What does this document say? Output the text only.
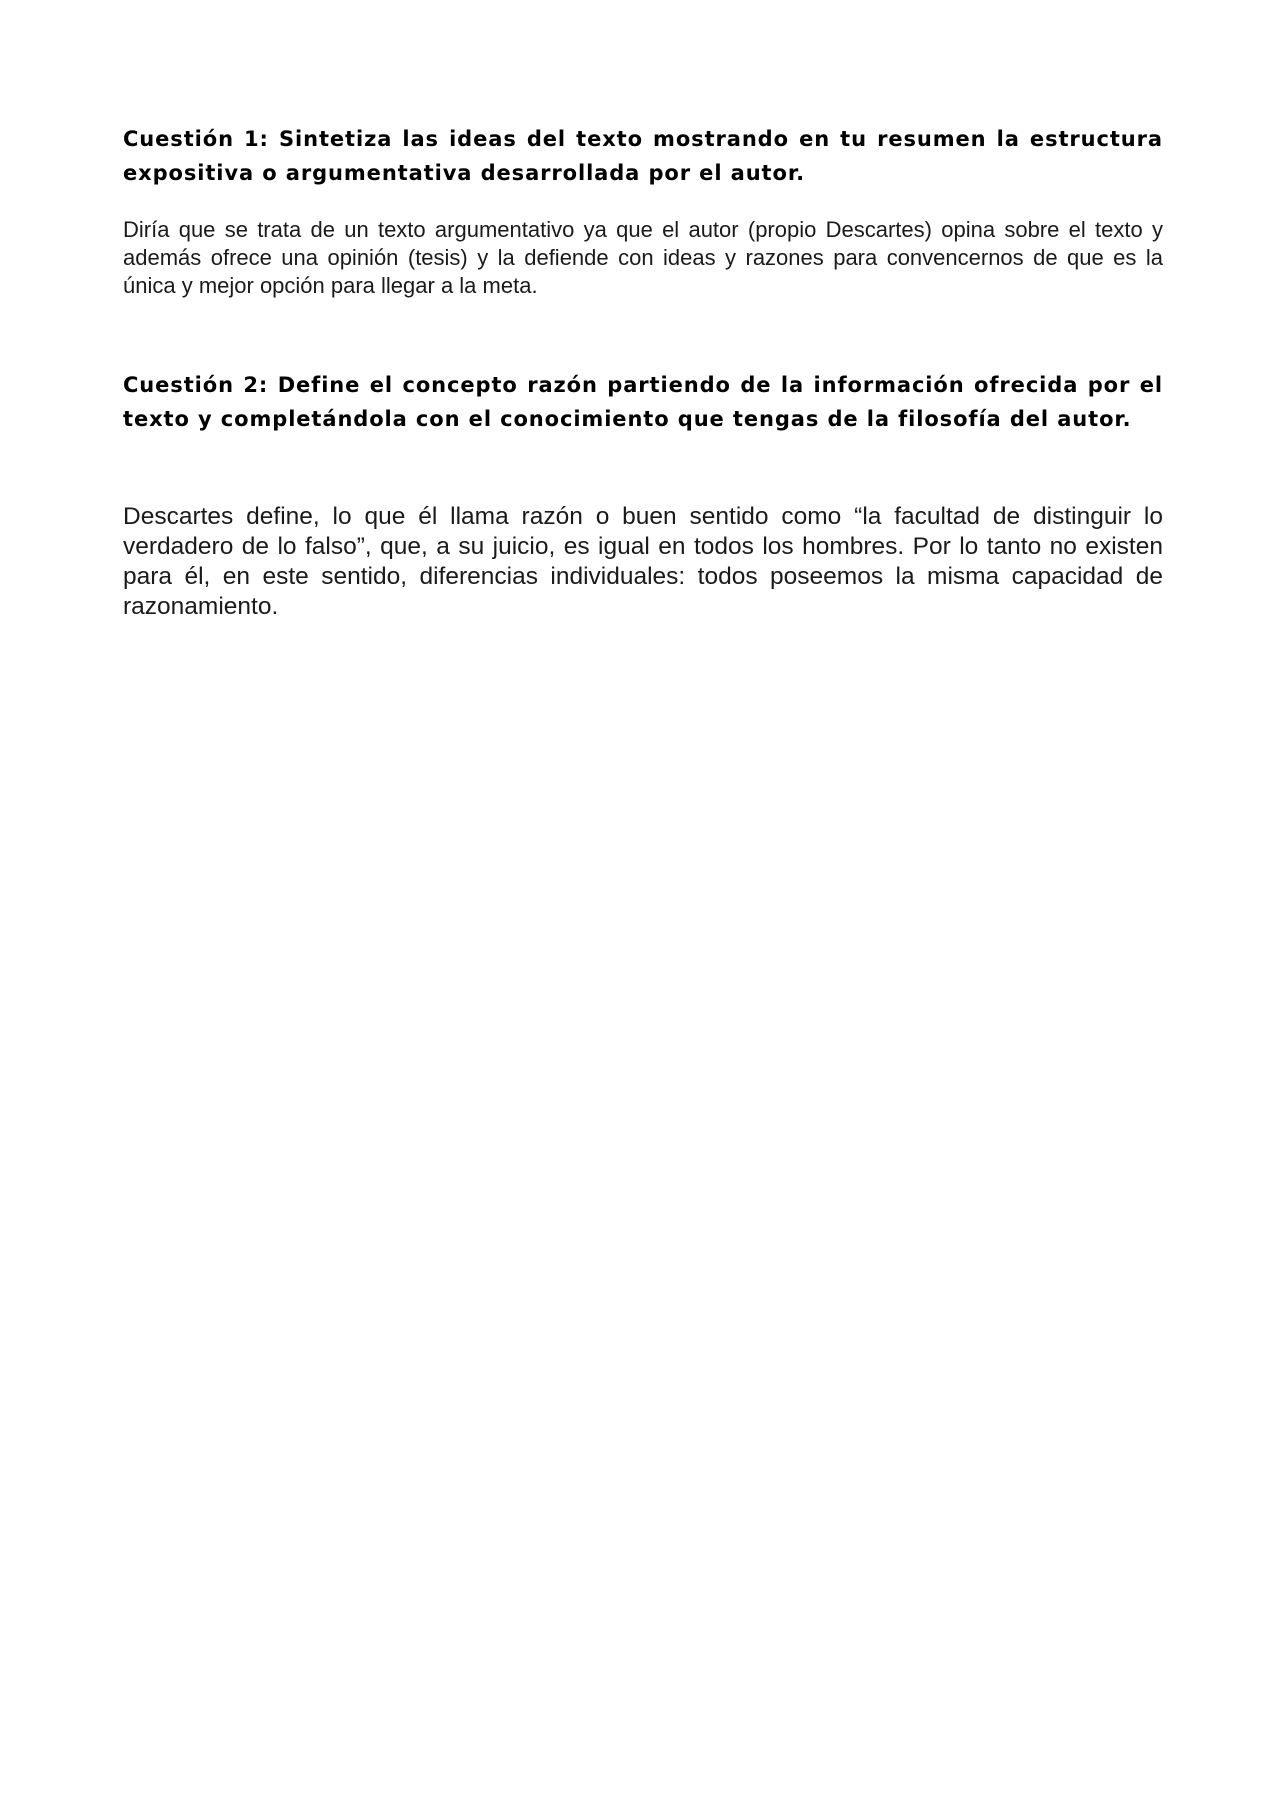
Cuestión 1: Sintetiza las ideas del texto mostrando en tu resumen la estructura expositiva o argumentativa desarrollada por el autor.

Diría que se trata de un texto argumentativo ya que el autor (propio Descartes) opina sobre el texto y además ofrece una opinión (tesis) y la defiende con ideas y razones para convencernos de que es la única y mejor opción para llegar a la meta.

Cuestión 2: Define el concepto razón partiendo de la información ofrecida por el texto y completándola con el conocimiento que tengas de la filosofía del autor.

Descartes define, lo que él llama razón o buen sentido como “la facultad de distinguir lo verdadero de lo falso”, que, a su juicio, es igual en todos los hombres. Por lo tanto no existen para él, en este sentido, diferencias individuales: todos poseemos la misma capacidad de razonamiento.
